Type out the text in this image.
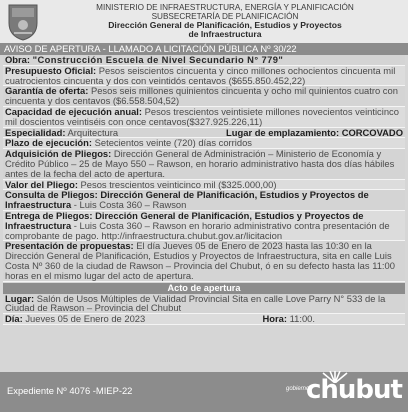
MINISTERIO DE INFRAESTRUCTURA, ENERGÍA Y PLANIFICACIÓN
SUBSECRETARÍA DE PLANIFICACIÓN
Dirección General de Planificación, Estudios y Proyectos
de Infraestructura
AVISO DE APERTURA - LLAMADO A LICITACIÓN PÚBLICA Nº 30/22
Obra: "Construcción Escuela de Nivel Secundario N° 779"
Presupuesto Oficial: Pesos seiscientos cincuenta y cinco millones ochocientos cincuenta mil cuatrocientos cincuenta y dos con veintidós centavos ($655.850.452,22)
Garantía de oferta: Pesos seis millones quinientos cincuenta y ocho mil quinientos cuatro con cincuenta y dos centavos ($6.558.504,52)
Capacidad de ejecución anual: Pesos trescientos veintisiete millones novecientos veinticinco mil doscientos veintiséis con once centavos($327.925.226,11)
Especialidad: Arquitectura	Lugar de emplazamiento: CORCOVADO
Plazo de ejecución: Setecientos veinte (720) días corridos
Adquisición de Pliegos: Dirección General de Administración – Ministerio de Economía y Crédito Público – 25 de Mayo 550 – Rawson, en horario administrativo hasta dos días hábiles antes de la fecha del acto de apertura.
Valor del Pliego: Pesos trescientos veinticinco mil ($325.000,00)
Consulta de Pliegos: Dirección General de Planificación, Estudios y Proyectos de Infraestructura - Luis Costa 360 – Rawson
Entrega de Pliegos: Dirección General de Planificación, Estudios y Proyectos de Infraestructura - Luis Costa 360 – Rawson en horario administrativo contra presentación de comprobante de pago. http://infraestructura.chubut.gov.ar/licitacion
Presentación de propuestas: El día Jueves 05 de Enero de 2023 hasta las 10:30 en la Dirección General de Planificación, Estudios y Proyectos de Infraestructura, sita en calle Luis Costa Nº 360 de la ciudad de Rawson – Provincia del Chubut, ó en su defecto hasta las 11:00 horas en el mismo lugar del acto de apertura.
Acto de apertura
Lugar: Salón de Usos Múltiples de Vialidad Provincial Sita en calle Love Parry N° 533 de la Ciudad de Rawson – Provincia del Chubut
Día: Jueves 05 de Enero de 2023	Hora: 11:00.
Expediente Nº 4076 -MIEP-22	gobierno
chubut
